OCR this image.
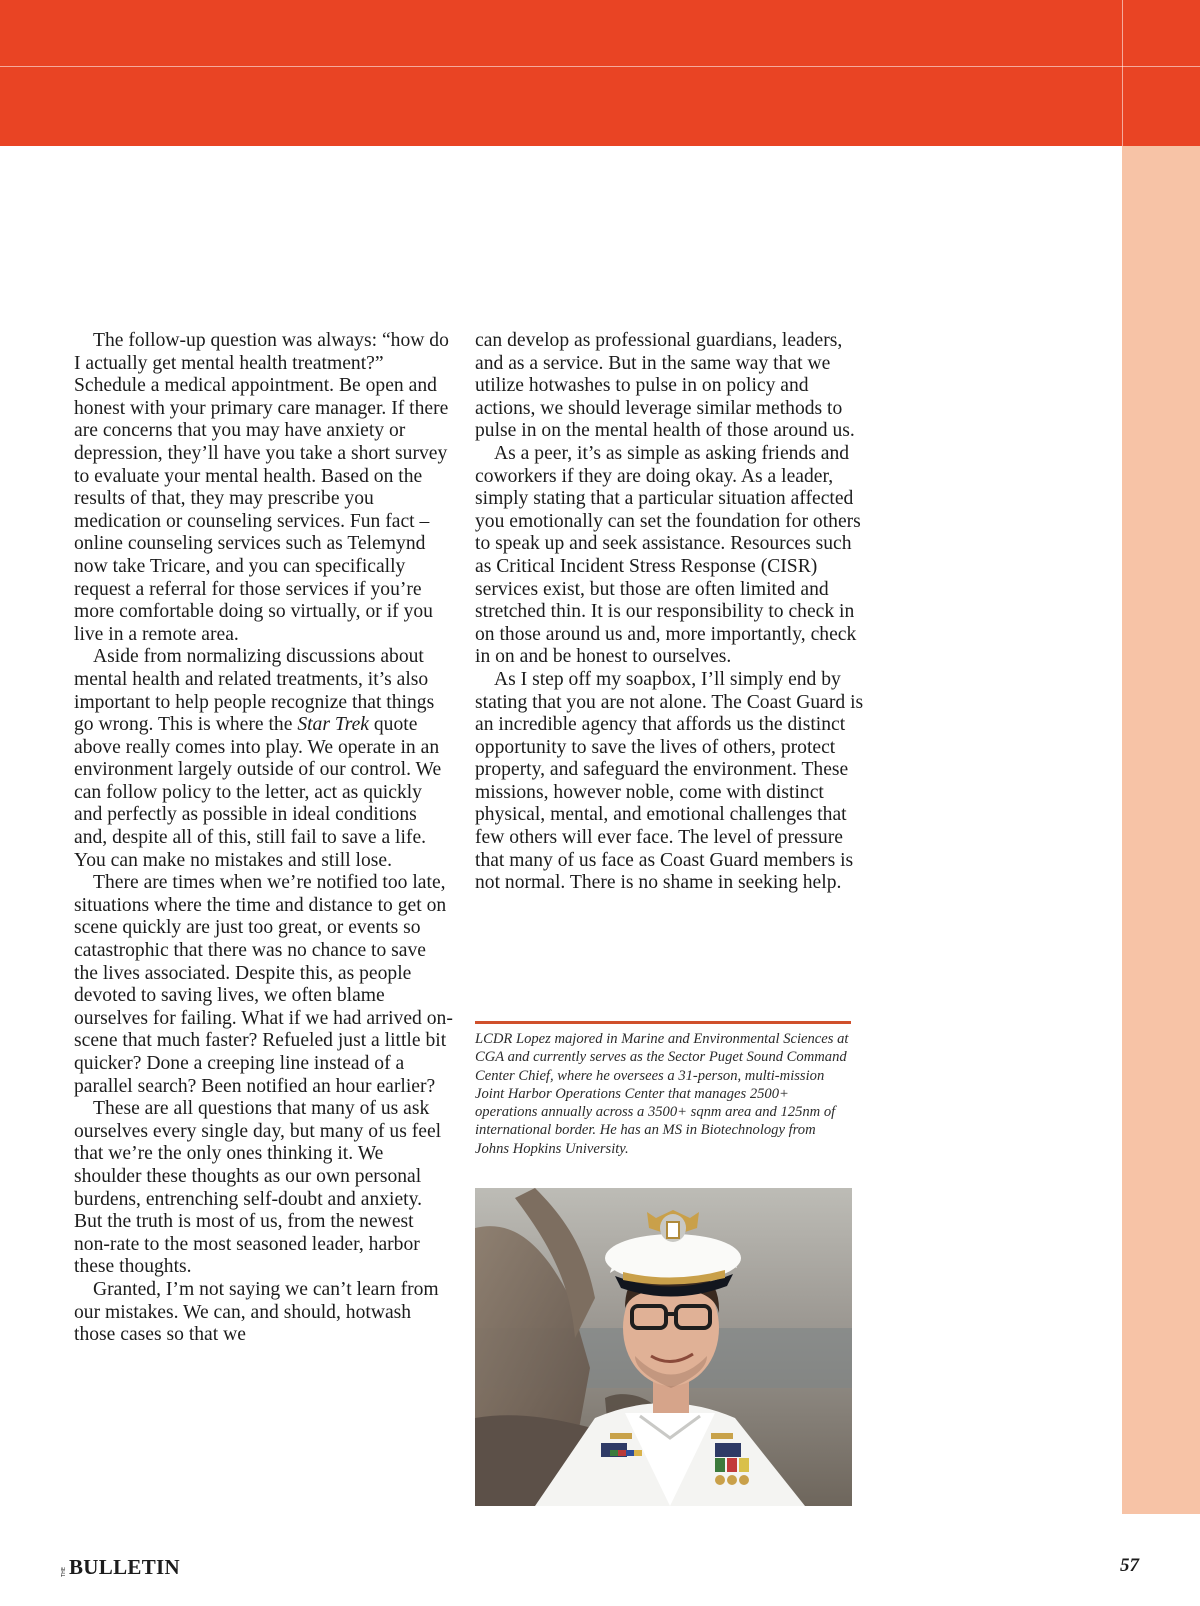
The follow-up question was always: “how do I actually get mental health treatment?” Schedule a medical appointment. Be open and honest with your primary care manager. If there are concerns that you may have anxiety or depression, they’ll have you take a short survey to evaluate your mental health. Based on the results of that, they may prescribe you medication or counseling services. Fun fact – online counseling services such as Telemynd now take Tricare, and you can specifically request a referral for those services if you’re more comfortable doing so virtually, or if you live in a remote area.

Aside from normalizing discussions about mental health and related treatments, it’s also important to help people recognize that things go wrong. This is where the Star Trek quote above really comes into play. We operate in an environment largely outside of our control. We can follow policy to the letter, act as quickly and perfectly as possible in ideal conditions and, despite all of this, still fail to save a life. You can make no mistakes and still lose.

There are times when we’re notified too late, situations where the time and distance to get on scene quickly are just too great, or events so catastrophic that there was no chance to save the lives associated. Despite this, as people devoted to saving lives, we often blame ourselves for failing. What if we had arrived on-scene that much faster? Refueled just a little bit quicker? Done a creeping line instead of a parallel search? Been notified an hour earlier?

These are all questions that many of us ask ourselves every single day, but many of us feel that we’re the only ones thinking it. We shoulder these thoughts as our own personal burdens, entrenching self-doubt and anxiety. But the truth is most of us, from the newest non-rate to the most seasoned leader, harbor these thoughts.

Granted, I’m not saying we can’t learn from our mistakes. We can, and should, hotwash those cases so that we

can develop as professional guardians, leaders, and as a service. But in the same way that we utilize hotwashes to pulse in on policy and actions, we should leverage similar methods to pulse in on the mental health of those around us.

As a peer, it’s as simple as asking friends and coworkers if they are doing okay. As a leader, simply stating that a particular situation affected you emotionally can set the foundation for others to speak up and seek assistance. Resources such as Critical Incident Stress Response (CISR) services exist, but those are often limited and stretched thin. It is our responsibility to check in on those around us and, more importantly, check in on and be honest to ourselves.

As I step off my soapbox, I’ll simply end by stating that you are not alone. The Coast Guard is an incredible agency that affords us the distinct opportunity to save the lives of others, protect property, and safeguard the environment. These missions, however noble, come with distinct physical, mental, and emotional challenges that few others will ever face. The level of pressure that many of us face as Coast Guard members is not normal. There is no shame in seeking help.

LCDR Lopez majored in Marine and Environmental Sciences at CGA and currently serves as the Sector Puget Sound Command Center Chief, where he oversees a 31-person, multi-mission Joint Harbor Operations Center that manages 2500+ operations annually across a 3500+ sqnm area and 125nm of international border. He has an MS in Biotechnology from Johns Hopkins University.
THE BULLETIN	57
